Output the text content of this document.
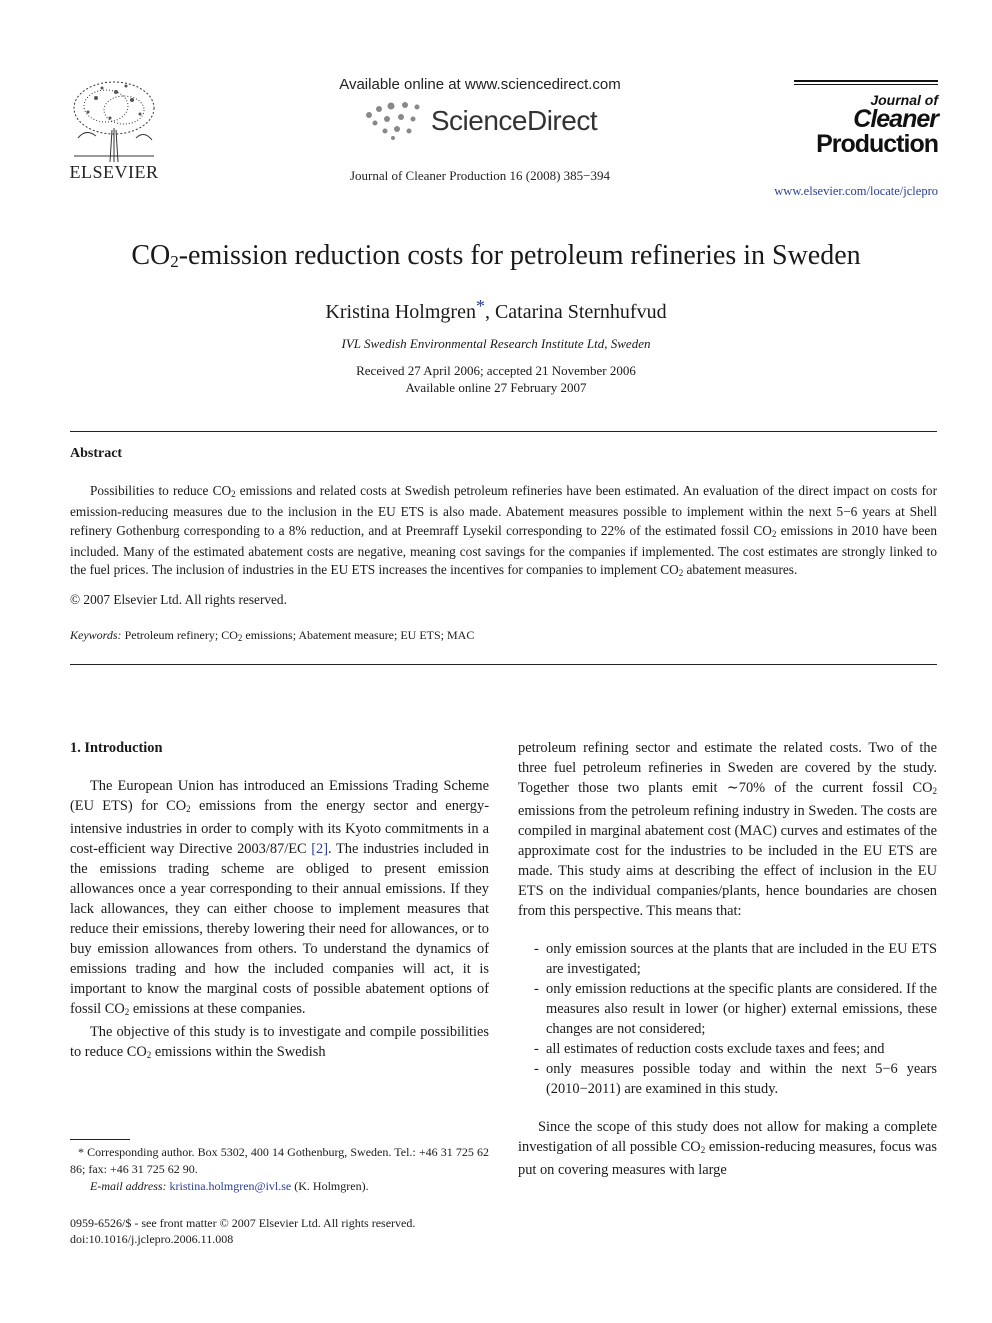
ELSEVIER
Available online at www.sciencedirect.com
ScienceDirect
Journal of Cleaner Production 16 (2008) 385−394
Journal of
Cleaner
Production
www.elsevier.com/locate/jclepro
$CO_2$-emission reduction costs for petroleum refineries in Sweden
Kristina Holmgren*, Catarina Sternhufvud
IVL Swedish Environmental Research Institute Ltd, Sweden
Received 27 April 2006; accepted 21 November 2006
Available online 27 February 2007
Abstract
Possibilities to reduce $CO_2$ emissions and related costs at Swedish petroleum refineries have been estimated. An evaluation of the direct impact on costs for emission-reducing measures due to the inclusion in the EU ETS is also made. Abatement measures possible to implement within the next 5−6 years at Shell refinery Gothenburg corresponding to a 8% reduction, and at Preemraff Lysekil corresponding to 22% of the estimated fossil $CO_2$ emissions in 2010 have been included. Many of the estimated abatement costs are negative, meaning cost savings for the companies if implemented. The cost estimates are strongly linked to the fuel prices. The inclusion of industries in the EU ETS increases the incentives for companies to implement $CO_2$ abatement measures.
© 2007 Elsevier Ltd. All rights reserved.
Keywords: Petroleum refinery; $CO_2$ emissions; Abatement measure; EU ETS; MAC
1. Introduction

The European Union has introduced an Emissions Trading Scheme (EU ETS) for $CO_2$ emissions from the energy sector and energy-intensive industries in order to comply with its Kyoto commitments in a cost-efficient way Directive 2003/87/EC [2]. The industries included in the emissions trading scheme are obliged to present emission allowances once a year corresponding to their annual emissions. If they lack allowances, they can either choose to implement measures that reduce their emissions, thereby lowering their need for allowances, or to buy emission allowances from others. To understand the dynamics of emissions trading and how the included companies will act, it is important to know the marginal costs of possible abatement options of fossil $CO_2$ emissions at these companies.

The objective of this study is to investigate and compile possibilities to reduce $CO_2$ emissions within the Swedish

petroleum refining sector and estimate the related costs. Two of the three fuel petroleum refineries in Sweden are covered by the study. Together those two plants emit ∼70% of the current fossil $CO_2$ emissions from the petroleum refining industry in Sweden. The costs are compiled in marginal abatement cost (MAC) curves and estimates of the approximate cost for the industries to be included in the EU ETS are made. This study aims at describing the effect of inclusion in the EU ETS on the individual companies/plants, hence boundaries are chosen from this perspective. This means that:

- only emission sources at the plants that are included in the EU ETS are investigated;
- only emission reductions at the specific plants are considered. If the measures also result in lower (or higher) external emissions, these changes are not considered;
- all estimates of reduction costs exclude taxes and fees; and
- only measures possible today and within the next 5−6 years (2010−2011) are examined in this study.

Since the scope of this study does not allow for making a complete investigation of all possible $CO_2$ emission-reducing measures, focus was put on covering measures with large

* Corresponding author. Box 5302, 400 14 Gothenburg, Sweden. Tel.: +46 31 725 62 86; fax: +46 31 725 62 90.
E-mail address: kristina.holmgren@ivl.se (K. Holmgren).
0959-6526/$ - see front matter © 2007 Elsevier Ltd. All rights reserved.
doi:10.1016/j.jclepro.2006.11.008
